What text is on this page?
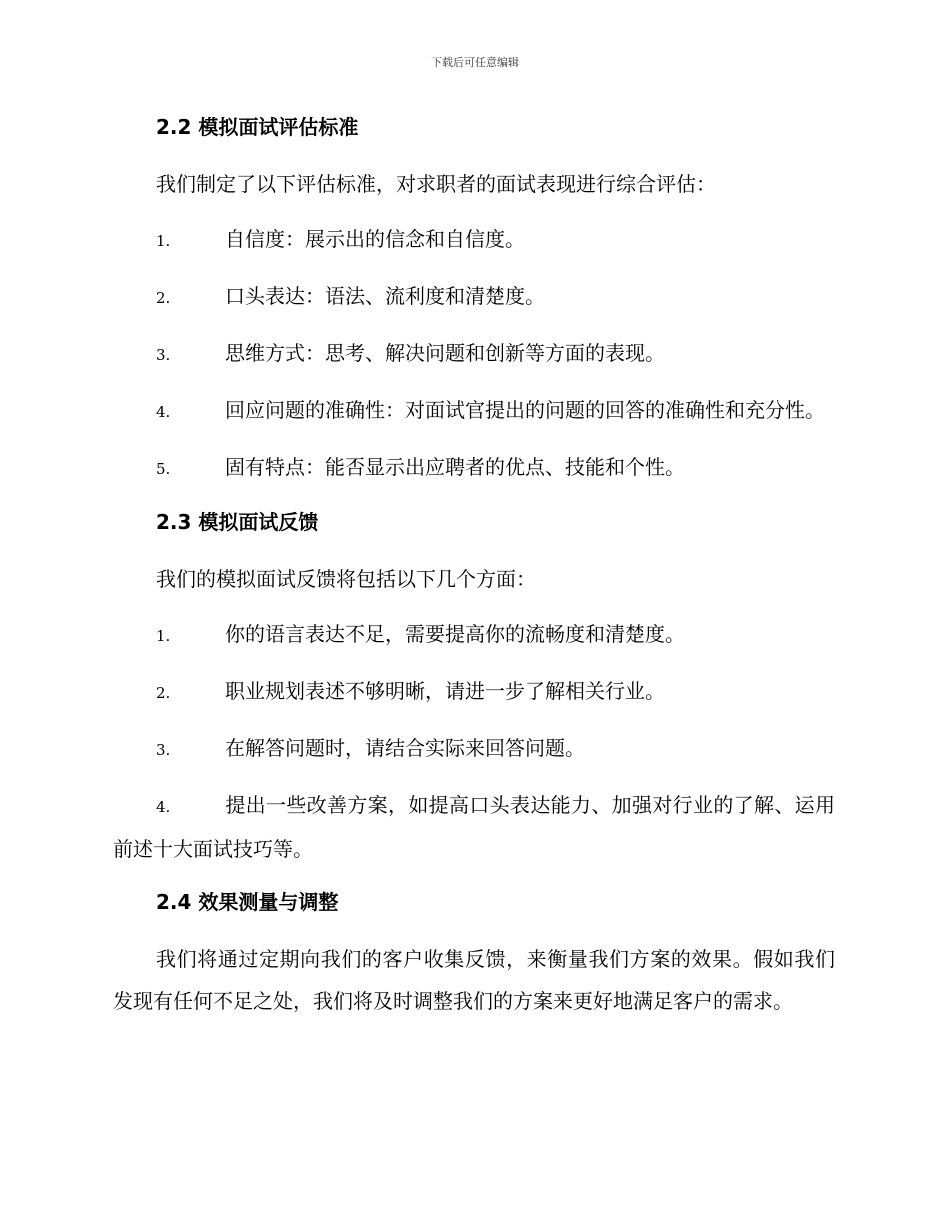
下载后可任意编辑
2.2 模拟面试评估标准

我们制定了以下评估标准，对求职者的面试表现进行综合评估：

1.	自信度：展示出的信念和自信度。

2.	口头表达：语法、流利度和清楚度。

3.	思维方式：思考、解决问题和创新等方面的表现。

4.	回应问题的准确性：对面试官提出的问题的回答的准确性和充分性。

5.	固有特点：能否显示出应聘者的优点、技能和个性。

2.3 模拟面试反馈

我们的模拟面试反馈将包括以下几个方面：

1.	你的语言表达不足，需要提高你的流畅度和清楚度。

2.	职业规划表述不够明晰，请进一步了解相关行业。

3.	在解答问题时，请结合实际来回答问题。

4.	提出一些改善方案，如提高口头表达能力、加强对行业的了解、运用前述十大面试技巧等。

2.4 效果测量与调整

我们将通过定期向我们的客户收集反馈，来衡量我们方案的效果。假如我们发现有任何不足之处，我们将及时调整我们的方案来更好地满足客户的需求。
